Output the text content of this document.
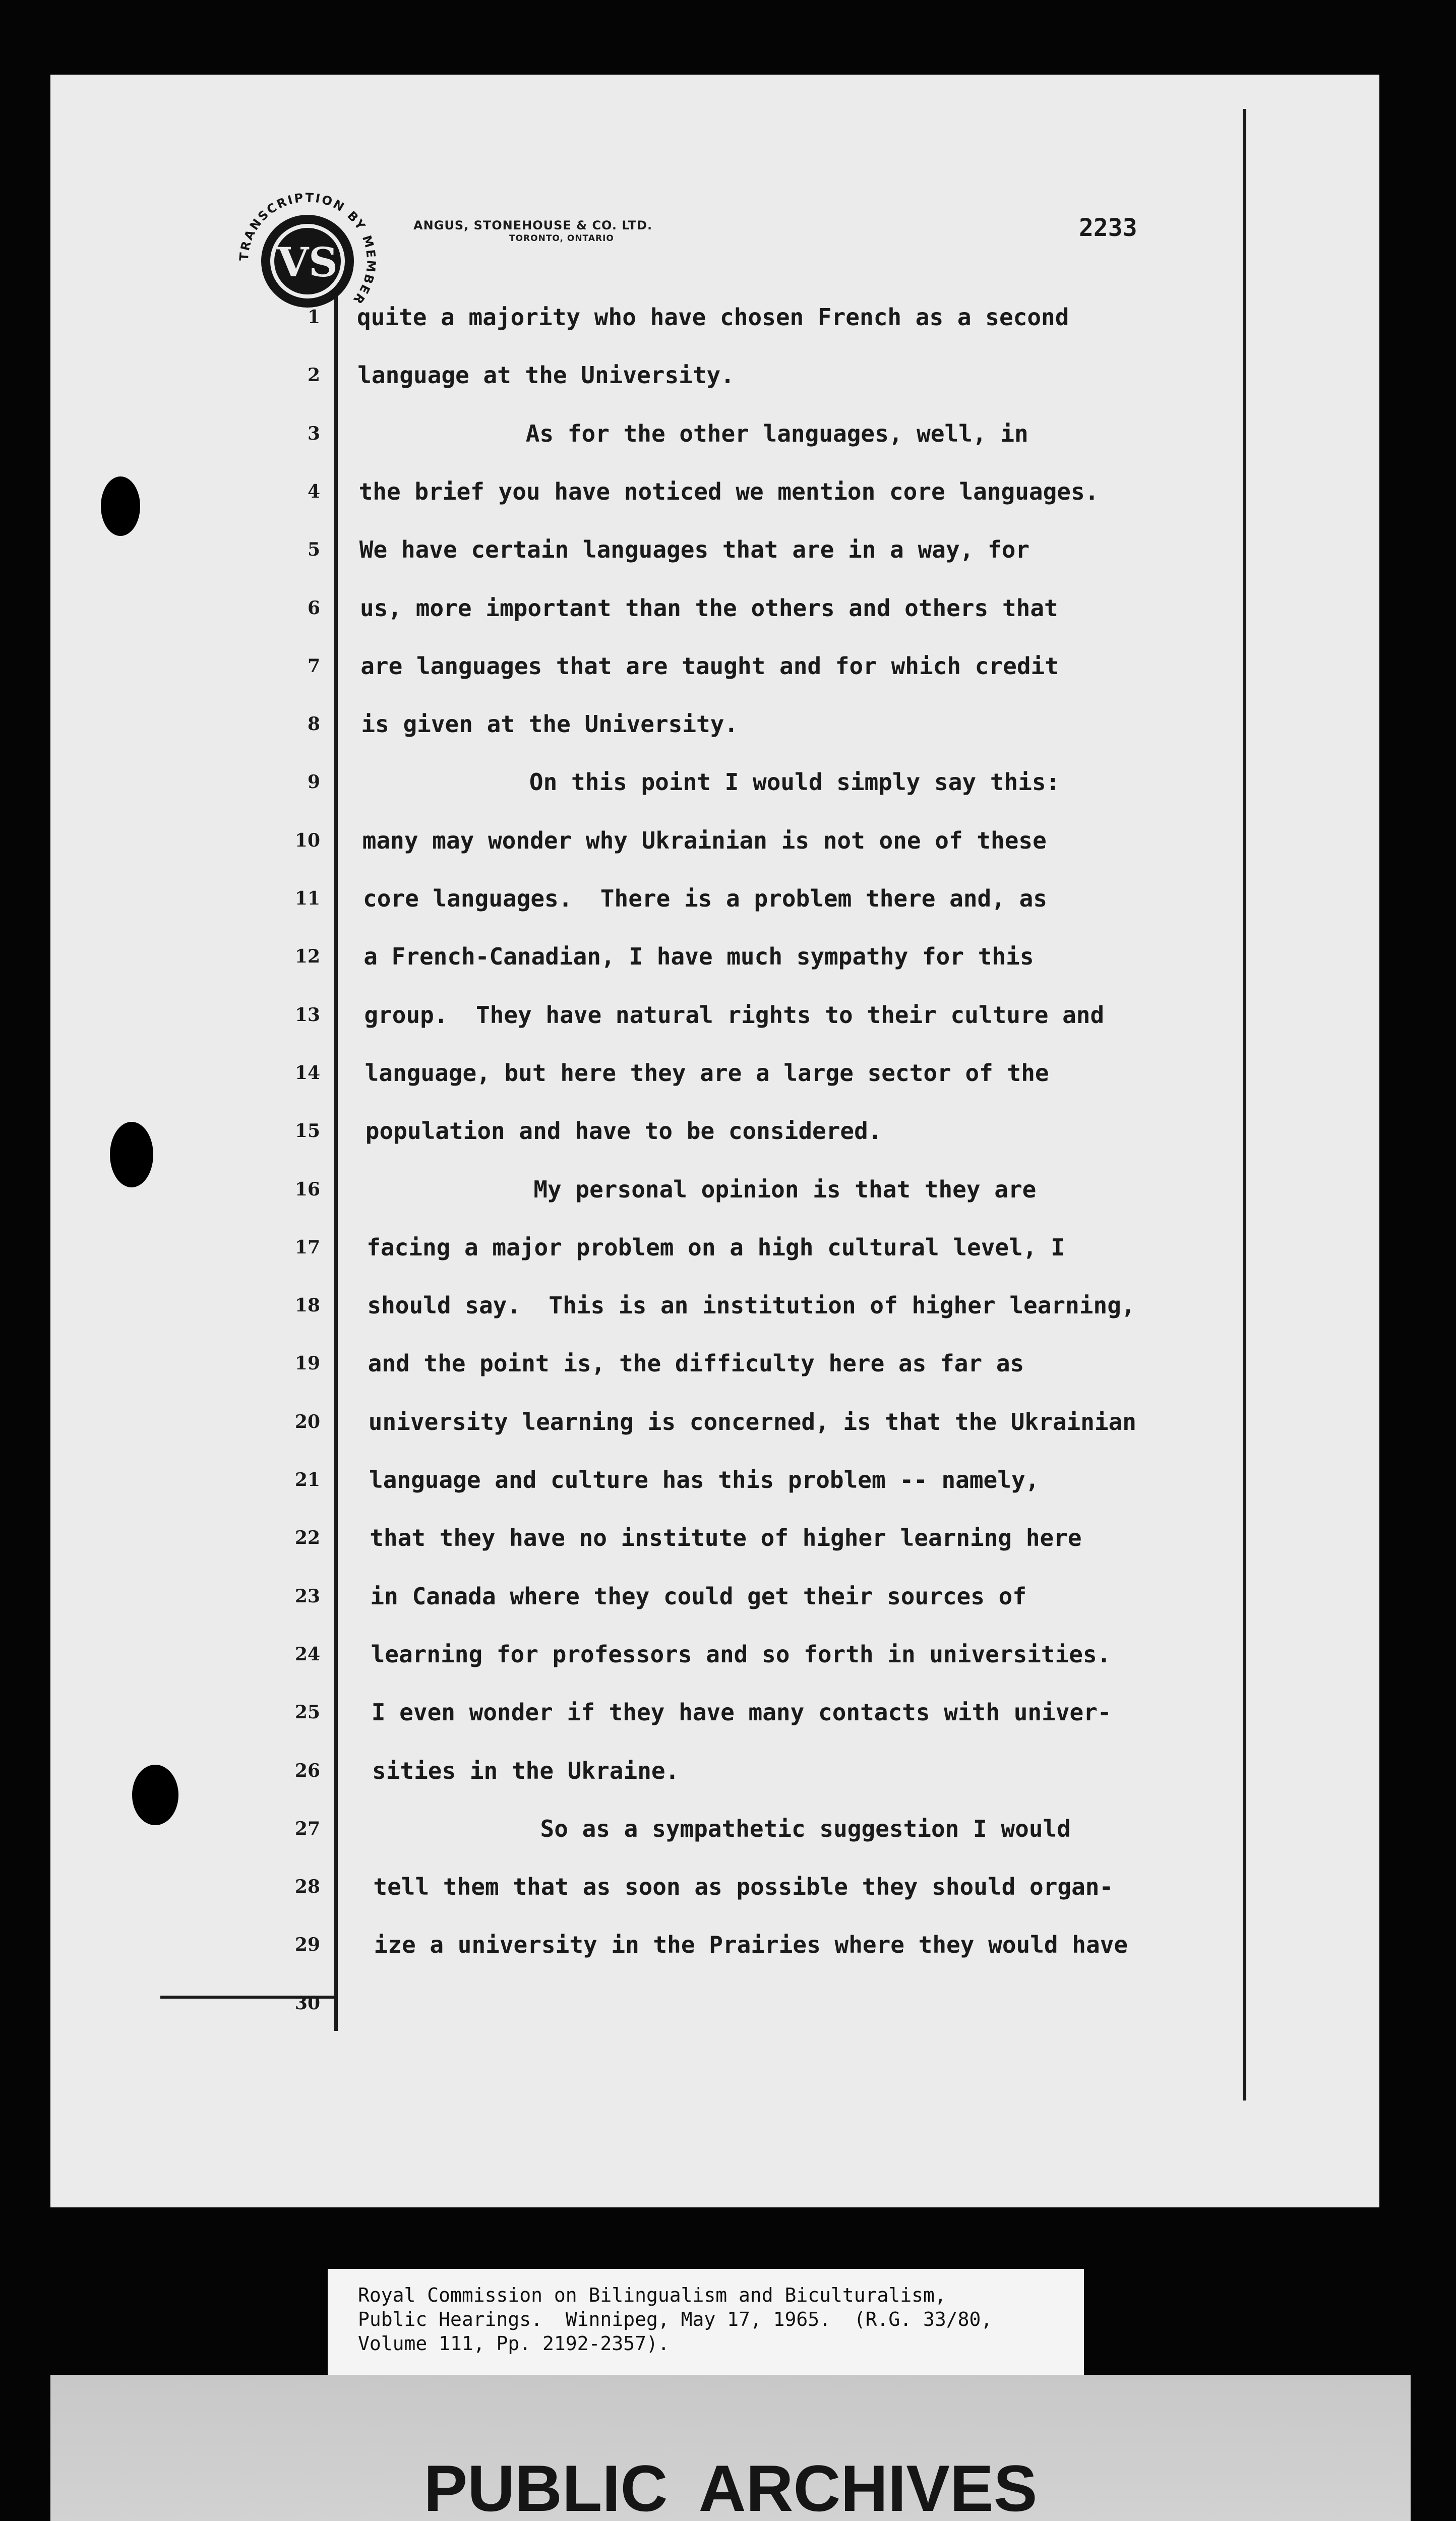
VS
TRANSCRIPTION BY MEMBER
ANGUS, STONEHOUSE & CO. LTD.
TORONTO, ONTARIO	2233
1 quite a majority who have chosen French as a second
2 language at the University.
3 As for the other languages, well, in
4 the brief you have noticed we mention core languages.
5 We have certain languages that are in a way, for
6 us, more important than the others and others that
7 are languages that are taught and for which credit
8 is given at the University.
9 On this point I would simply say this:
10 many may wonder why Ukrainian is not one of these
11 core languages.  There is a problem there and, as
12 a French-Canadian, I have much sympathy for this
13 group.  They have natural rights to their culture and
14 language, but here they are a large sector of the
15 population and have to be considered.
16 My personal opinion is that they are
17 facing a major problem on a high cultural level, I
18 should say.  This is an institution of higher learning,
19 and the point is, the difficulty here as far as
20 university learning is concerned, is that the Ukrainian
21 language and culture has this problem -- namely,
22 that they have no institute of higher learning here
23 in Canada where they could get their sources of
24 learning for professors and so forth in universities.
25 I even wonder if they have many contacts with univer-
26 sities in the Ukraine.
27 So as a sympathetic suggestion I would
28 tell them that as soon as possible they should organ-
29 ize a university in the Prairies where they would have
30
Royal Commission on Bilingualism and Biculturalism,
Public Hearings.  Winnipeg, May 17, 1965.  (R.G. 33/80,
Volume 111, Pp. 2192-2357).
PUBLIC ARCHIVES
